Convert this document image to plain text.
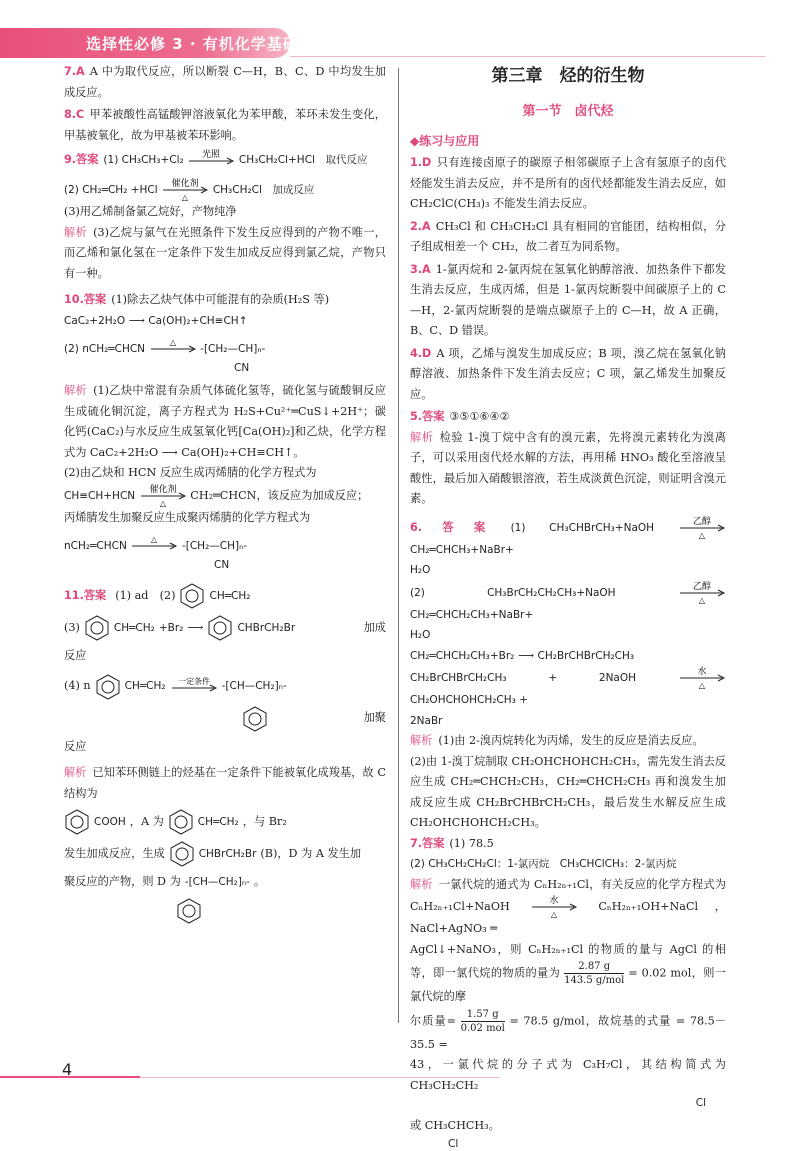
选择性必修 3 · 有机化学基础

7.A A 中为取代反应，所以断裂 C—H，B、C、D 中均发生加成反应。

8.C 甲苯被酸性高锰酸钾溶液氧化为苯甲酸，苯环未发生变化，甲基被氧化，故为甲基被苯环影响。

9.答案 (1) CH₃CH₃+Cl₂ 光照 CH₃CH₂Cl+HCl　取代反应

(2) CH₂═CH₂ +HCl 催化剂
△
CH₃CH₂Cl　加成反应

(3)用乙烯制备氯乙烷好，产物纯净

解析 (3)乙烷与氯气在光照条件下发生反应得到的产物不唯一，而乙烯和氯化氢在一定条件下发生加成反应得到氯乙烷，产物只有一种。

10.答案 (1)除去乙炔气体中可能混有的杂质(H₂S 等)

CaC₂+2H₂O ⟶ Ca(OH)₂+CH≡CH↑

(2) nCH₂═CHCN
△
-[CH₂—CH]ₙ-

CN

解析 (1)乙炔中常混有杂质气体硫化氢等，硫化氢与硫酸铜反应生成硫化铜沉淀，离子方程式为 H₂S+Cu²⁺═CuS↓+2H⁺；碳化钙(CaC₂)与水反应生成氢氧化钙[Ca(OH)₂]和乙炔，化学方程式为 CaC₂+2H₂O ⟶ Ca(OH)₂+CH≡CH↑。

(2)由乙炔和 HCN 反应生成丙烯腈的化学方程式为

CH≡CH+HCN 催化剂
△
CH₂═CHCN，该反应为加成反应；

丙烯腈发生加聚反应生成聚丙烯腈的化学方程式为

nCH₂═CHCN
△
-[CH₂—CH]ₙ-

CN

11.答案 (1) ad　(2)	CH═CH₂
(3)	CH═CH₂ +Br₂ ⟶	CHBrCH₂Br	加成

反应

(4) n	CH═CH₂ 一定条件 -[CH—CH₂]ₙ-
加聚

反应

解析 已知苯环侧链上的烃基在一定条件下能被氧化成羧基，故 C 结构为

COOH ，A 为	CH═CH₂ ，与 Br₂
发生加成反应，生成	CHBrCH₂Br (B)，D 为 A 发生加
聚反应的产物，则 D 为 -[CH—CH₂]ₙ- 。
第三章　烃的衍生物
第一节　卤代烃
◆练习与应用

1.D 只有连接卤原子的碳原子相邻碳原子上含有氢原子的卤代烃能发生消去反应，并不是所有的卤代烃都能发生消去反应，如 CH₂ClC(CH₃)₃ 不能发生消去反应。

2.A CH₃Cl 和 CH₃CH₂Cl 具有相同的官能团，结构相似，分子组成相差一个 CH₂，故二者互为同系物。

3.A 1-氯丙烷和 2-氯丙烷在氢氧化钠醇溶液、加热条件下都发生消去反应，生成丙烯，但是 1-氯丙烷断裂中间碳原子上的 C—H，2-氯丙烷断裂的是端点碳原子上的 C—H，故 A 正确，B、C、D 错误。

4.D A 项，乙烯与溴发生加成反应；B 项，溴乙烷在氢氧化钠醇溶液、加热条件下发生消去反应；C 项，氯乙烯发生加聚反应。

5.答案 ③⑤①⑥④②

解析 检验 1-溴丁烷中含有的溴元素，先将溴元素转化为溴离子，可以采用卤代烃水解的方法，再用稀 HNO₃ 酸化至溶液呈酸性，最后加入硝酸银溶液，若生成淡黄色沉淀，则证明含溴元素。

6.答案 (1) CH₃CHBrCH₃+NaOH	乙醇
△
CH₂═CHCH₃+NaBr+

H₂O

(2) CH₃BrCH₂CH₂CH₃+NaOH	乙醇
△
CH₂═CHCH₂CH₃+NaBr+

H₂O

CH₂═CHCH₂CH₃+Br₂ ⟶ CH₂BrCHBrCH₂CH₃

CH₂BrCHBrCH₂CH₃ + 2NaOH	水
△
CH₂OHCHOHCH₂CH₃ +

2NaBr

解析 (1)由 2-溴丙烷转化为丙烯，发生的反应是消去反应。

(2)由 1-溴丁烷制取 CH₂OHCHOHCH₂CH₃，需先发生消去反应生成 CH₂═CHCH₂CH₃，CH₂═CHCH₂CH₃ 再和溴发生加成反应生成 CH₂BrCHBrCH₂CH₃，最后发生水解反应生成 CH₂OHCHOHCH₂CH₃。

7.答案 (1) 78.5

(2) CH₃CH₂CH₂Cl：1-氯丙烷　CH₃CHClCH₃：2-氯丙烷

解析 一氯代烷的通式为 CₙH₂ₙ₊₁Cl，有关反应的化学方程式为 CₙH₂ₙ₊₁Cl+NaOH	水
△
CₙH₂ₙ₊₁OH+NaCl，NaCl+AgNO₃ ═

AgCl↓+NaNO₃，则 CₙH₂ₙ₊₁Cl 的物质的量与 AgCl 的相等，即一氯代烷的物质的量为	2.87 g
143.5 g/mol
= 0.02 mol，则一氯代烷的摩

尔质量=	1.57 g
0.02 mol
= 78.5 g/mol，故烷基的式量 = 78.5－35.5 =

43，一氯代烷的分子式为 C₃H₇Cl，其结构简式为 CH₃CH₂CH₂

Cl

或 CH₃CHCH₃。

Cl

4
